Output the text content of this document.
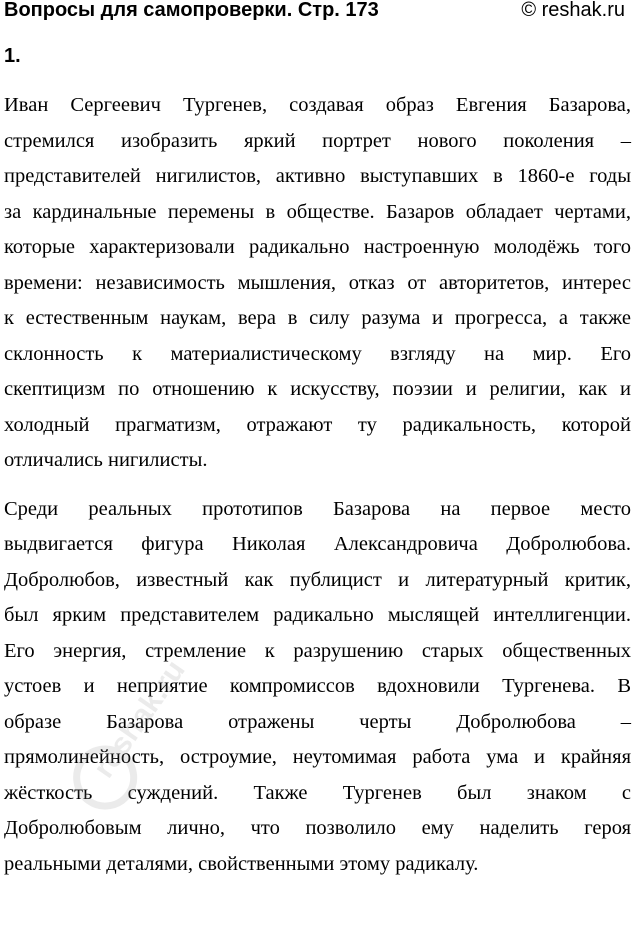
Вопросы для самопроверки. Стр. 173	© reshak.ru
1.

Иван Сергеевич Тургенев, создавая образ Евгения Базарова,
стремился изобразить яркий портрет нового поколения –
представителей нигилистов, активно выступавших в 1860-е годы
за кардинальные перемены в обществе. Базаров обладает чертами,
которые характеризовали радикально настроенную молодёжь того
времени: независимость мышления, отказ от авторитетов, интерес
к естественным наукам, вера в силу разума и прогресса, а также
склонность к материалистическому взгляду на мир. Его
скептицизм по отношению к искусству, поэзии и религии, как и
холодный прагматизм, отражают ту радикальность, которой
отличались нигилисты.

Среди реальных прототипов Базарова на первое место
выдвигается фигура Николая Александровича Добролюбова.
Добролюбов, известный как публицист и литературный критик,
был ярким представителем радикально мыслящей интеллигенции.
Его энергия, стремление к разрушению старых общественных
устоев и неприятие компромиссов вдохновили Тургенева. В
образе Базарова отражены черты Добролюбова –
прямолинейность, остроумие, неутомимая работа ума и крайняя
жёсткость суждений. Также Тургенев был знаком с
Добролюбовым лично, что позволило ему наделить героя
реальными деталями, свойственными этому радикалу.

reshak.ru
